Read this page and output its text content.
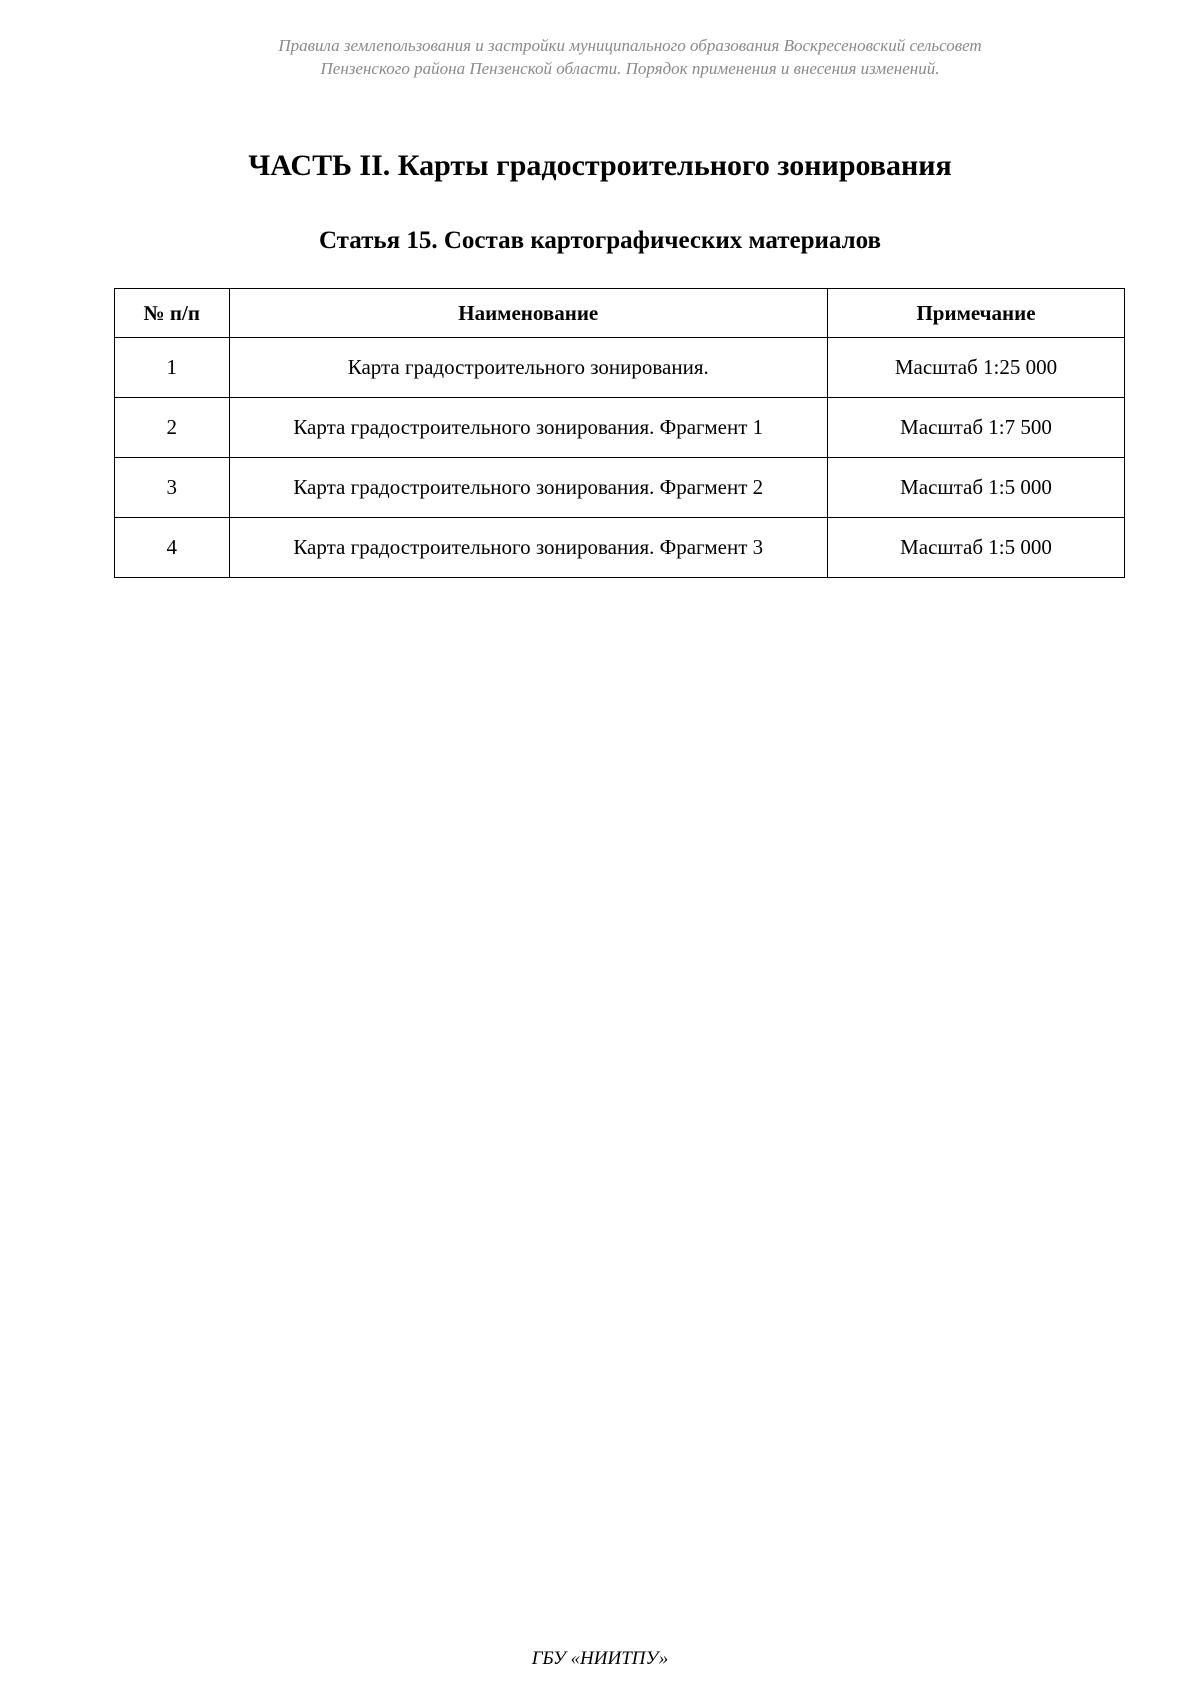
Правила землепользования и застройки муниципального образования Воскресеновский сельсовет
Пензенского района Пензенской области. Порядок применения и внесения изменений.
ЧАСТЬ II. Карты градостроительного зонирования
Статья 15. Состав картографических материалов
№ п/п	Наименование	Примечание
1	Карта градостроительного зонирования.	Масштаб 1:25 000
2	Карта градостроительного зонирования. Фрагмент 1	Масштаб 1:7 500
3	Карта градостроительного зонирования. Фрагмент 2	Масштаб 1:5 000
4	Карта градостроительного зонирования. Фрагмент 3	Масштаб 1:5 000
ГБУ «НИИТПУ»
